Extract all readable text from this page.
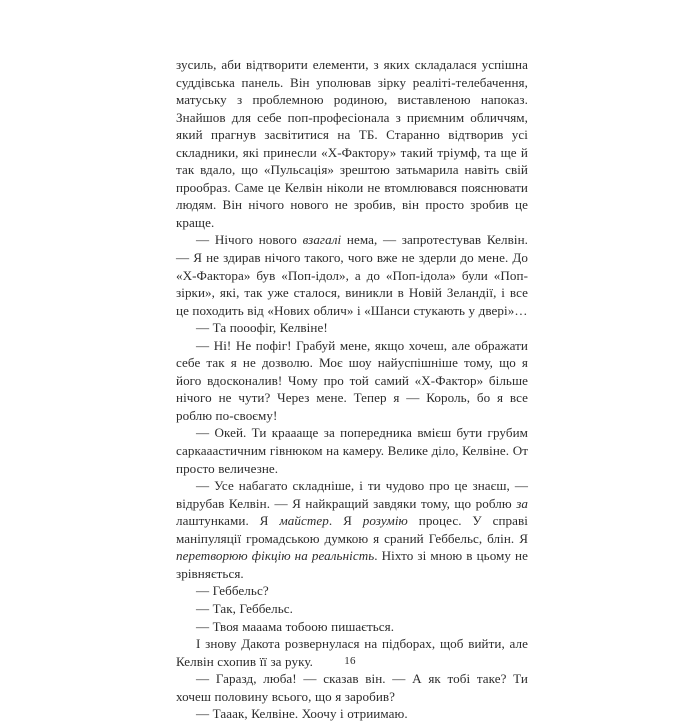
зусиль, аби відтворити елементи, з яких складалася успішна суддівська панель. Він уполював зірку реаліті-телебачення, матуську з проблемною родиною, виставленою напоказ. Знайшов для себе поп-професіонала з приємним обличчям, який прагнув засвітитися на ТБ. Старанно відтворив усі складники, які принесли «Х-Фактору» такий тріумф, та ще й так вдало, що «Пульсація» зрештою затьмарила навіть свій прообраз. Саме це Келвін ніколи не втомлювався пояснювати людям. Він нічого нового не зробив, він просто зробив це краще.

— Нічого нового взагалі нема, — запротестував Келвін. — Я не здирав нічого такого, чого вже не здерли до мене. До «Х-Фактора» був «Поп-ідол», а до «Поп-ідола» були «Поп-зірки», які, так уже сталося, виникли в Новій Зеландії, і все це походить від «Нових облич» і «Шанси стукають у двері»…

— Та пооофіг, Келвіне!

— Ні! Не пофіг! Грабуй мене, якщо хочеш, але ображати себе так я не дозволю. Моє шоу найуспішніше тому, що я його вдосконалив! Чому про той самий «Х-Фактор» більше нічого не чути? Через мене. Тепер я — Король, бо я все роблю по-своєму!

— Окей. Ти краааще за попередника вмієш бути грубим саркааастичним гівнюком на камеру. Велике діло, Келвіне. От просто величезне.

— Усе набагато складніше, і ти чудово про це знаєш, — відрубав Келвін. — Я найкращий завдяки тому, що роблю за лаштунками. Я майстер. Я розумію процес. У справі маніпуляції громадською думкою я сраний Геббельс, блін. Я перетворюю фікцію на реальність. Ніхто зі мною в цьому не зрівняється.

— Геббельс?

— Так, Геббельс.

— Твоя мааама тобоою пишається.

І знову Дакота розвернулася на підборах, щоб вийти, але Келвін схопив її за руку.

— Гаразд, люба! — сказав він. — А як тобі таке? Ти хочеш половину всього, що я заробив?

— Тааак, Келвіне. Хоочу і отриимаю.

16
